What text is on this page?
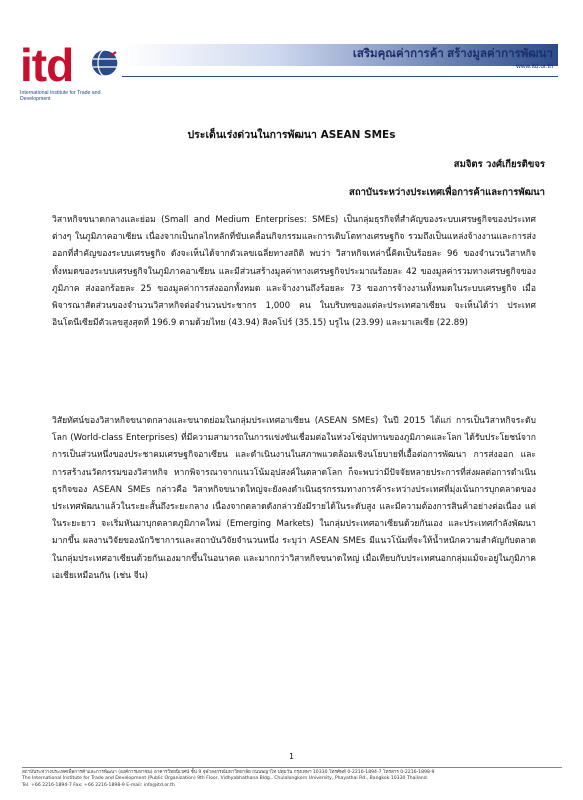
itd
International Institute for Trade and Development
เสริมคุณค่าการค้า สร้างมูลค่าการพัฒนา
www.itd.or.th
ประเด็นเร่งด่วนในการพัฒนา ASEAN SMEs
สมจิตร วงศ์เกียรติขจร
สถาบันระหว่างประเทศเพื่อการค้าและการพัฒนา

วิสาหกิจขนาดกลางและย่อม (Small and Medium Enterprises: SMEs) เป็นกลุ่มธุรกิจที่สำคัญของระบบเศรษฐกิจของประเทศต่างๆ ในภูมิภาคอาเซียน เนื่องจากเป็นกลไกหลักที่ขับเคลื่อนกิจกรรมและการเติบโตทางเศรษฐกิจ รวมถึงเป็นแหล่งจ้างงานและการส่งออกที่สำคัญของระบบเศรษฐกิจ ดังจะเห็นได้จากตัวเลขเฉลี่ยทางสถิติ พบว่า วิสาหกิจเหล่านี้คิดเป็นร้อยละ 96 ของจำนวนวิสาหกิจทั้งหมดของระบบเศรษฐกิจในภูมิภาคอาเซียน และมีส่วนสร้างมูลค่าทางเศรษฐกิจประมาณร้อยละ 42 ของมูลค่ารวมทางเศรษฐกิจของภูมิภาค ส่งออกร้อยละ 25 ของมูลค่าการส่งออกทั้งหมด และจ้างงานถึงร้อยละ 73 ของการจ้างงานทั้งหมดในระบบเศรษฐกิจ เมื่อพิจารณาสัดส่วนของจำนวนวิสาหกิจต่อจำนวนประชากร 1,000 คน ในบริบทของแต่ละประเทศอาเซียน จะเห็นได้ว่า ประเทศอินโดนีเซียมีตัวเลขสูงสุดที่ 196.9 ตามด้วยไทย (43.94) สิงคโปร์ (35.15) บรูไน (23.99) และมาเลเซีย (22.89)

วิสัยทัศน์ของวิสาหกิจขนาดกลางและขนาดย่อมในกลุ่มประเทศอาเซียน (ASEAN SMEs) ในปี 2015 ได้แก่ การเป็นวิสาหกิจระดับโลก (World-class Enterprises) ที่มีความสามารถในการแข่งขันเชื่อมต่อในห่วงโซ่อุปทานของภูมิภาคและโลก ได้รับประโยชน์จากการเป็นส่วนหนึ่งของประชาคมเศรษฐกิจอาเซียน และดำเนินงานในสภาพแวดล้อมเชิงนโยบายที่เอื้อต่อการพัฒนา การส่งออก และการสร้างนวัตกรรมของวิสาหกิจ หากพิจารณาจากแนวโน้มอุปสงค์ในตลาดโลก ก็จะพบว่ามีปัจจัยหลายประการที่ส่งผลต่อการดำเนินธุรกิจของ ASEAN SMEs กล่าวคือ วิสาหกิจขนาดใหญ่จะยังคงดำเนินธุรกรรมทางการค้าระหว่างประเทศที่มุ่งเน้นการบุกตลาดของประเทศพัฒนาแล้วในระยะสั้นถึงระยะกลาง เนื่องจากตลาดดังกล่าวยังมีรายได้ในระดับสูง และมีความต้องการสินค้าอย่างต่อเนื่อง แต่ในระยะยาว จะเริ่มหันมาบุกตลาดภูมิภาคใหม่ (Emerging Markets) ในกลุ่มประเทศอาเซียนด้วยกันเอง และประเทศกำลังพัฒนามากขึ้น ผลงานวิจัยของนักวิชาการและสถาบันวิจัยจำนวนหนึ่ง ระบุว่า ASEAN SMEs มีแนวโน้มที่จะให้น้ำหนักความสำคัญกับตลาดในกลุ่มประเทศอาเซียนด้วยกันเองมากขึ้นในอนาคต และมากกว่าวิสาหกิจขนาดใหญ่ เมื่อเทียบกับประเทศนอกกลุ่มแม้จะอยู่ในภูมิภาคเอเชียเหมือนกัน (เช่น จีน)

1
สถาบันระหว่างประเทศเพื่อการค้าและการพัฒนา (องค์การมหาชน) อาคารวิทยนิเวศน์ ชั้น 9 จุฬาลงกรณ์มหาวิทยาลัย ถนนพญาไท ปทุมวัน กรุงเทพฯ 10330 โทรศัพท์ 0-2216-1894-7 โทรสาร 0-2216-1898-9
The International Institute for Trade and Development (Public Organization) 9th Floor, Vidhyabhathana Bldg., Chulalongkorn University, Phayathai Rd., Bangkok 10330 Thailand.
Tel. +66 2216-1894-7 Fax: +66 2216-1898-9 E-mail: info@itd.or.th
